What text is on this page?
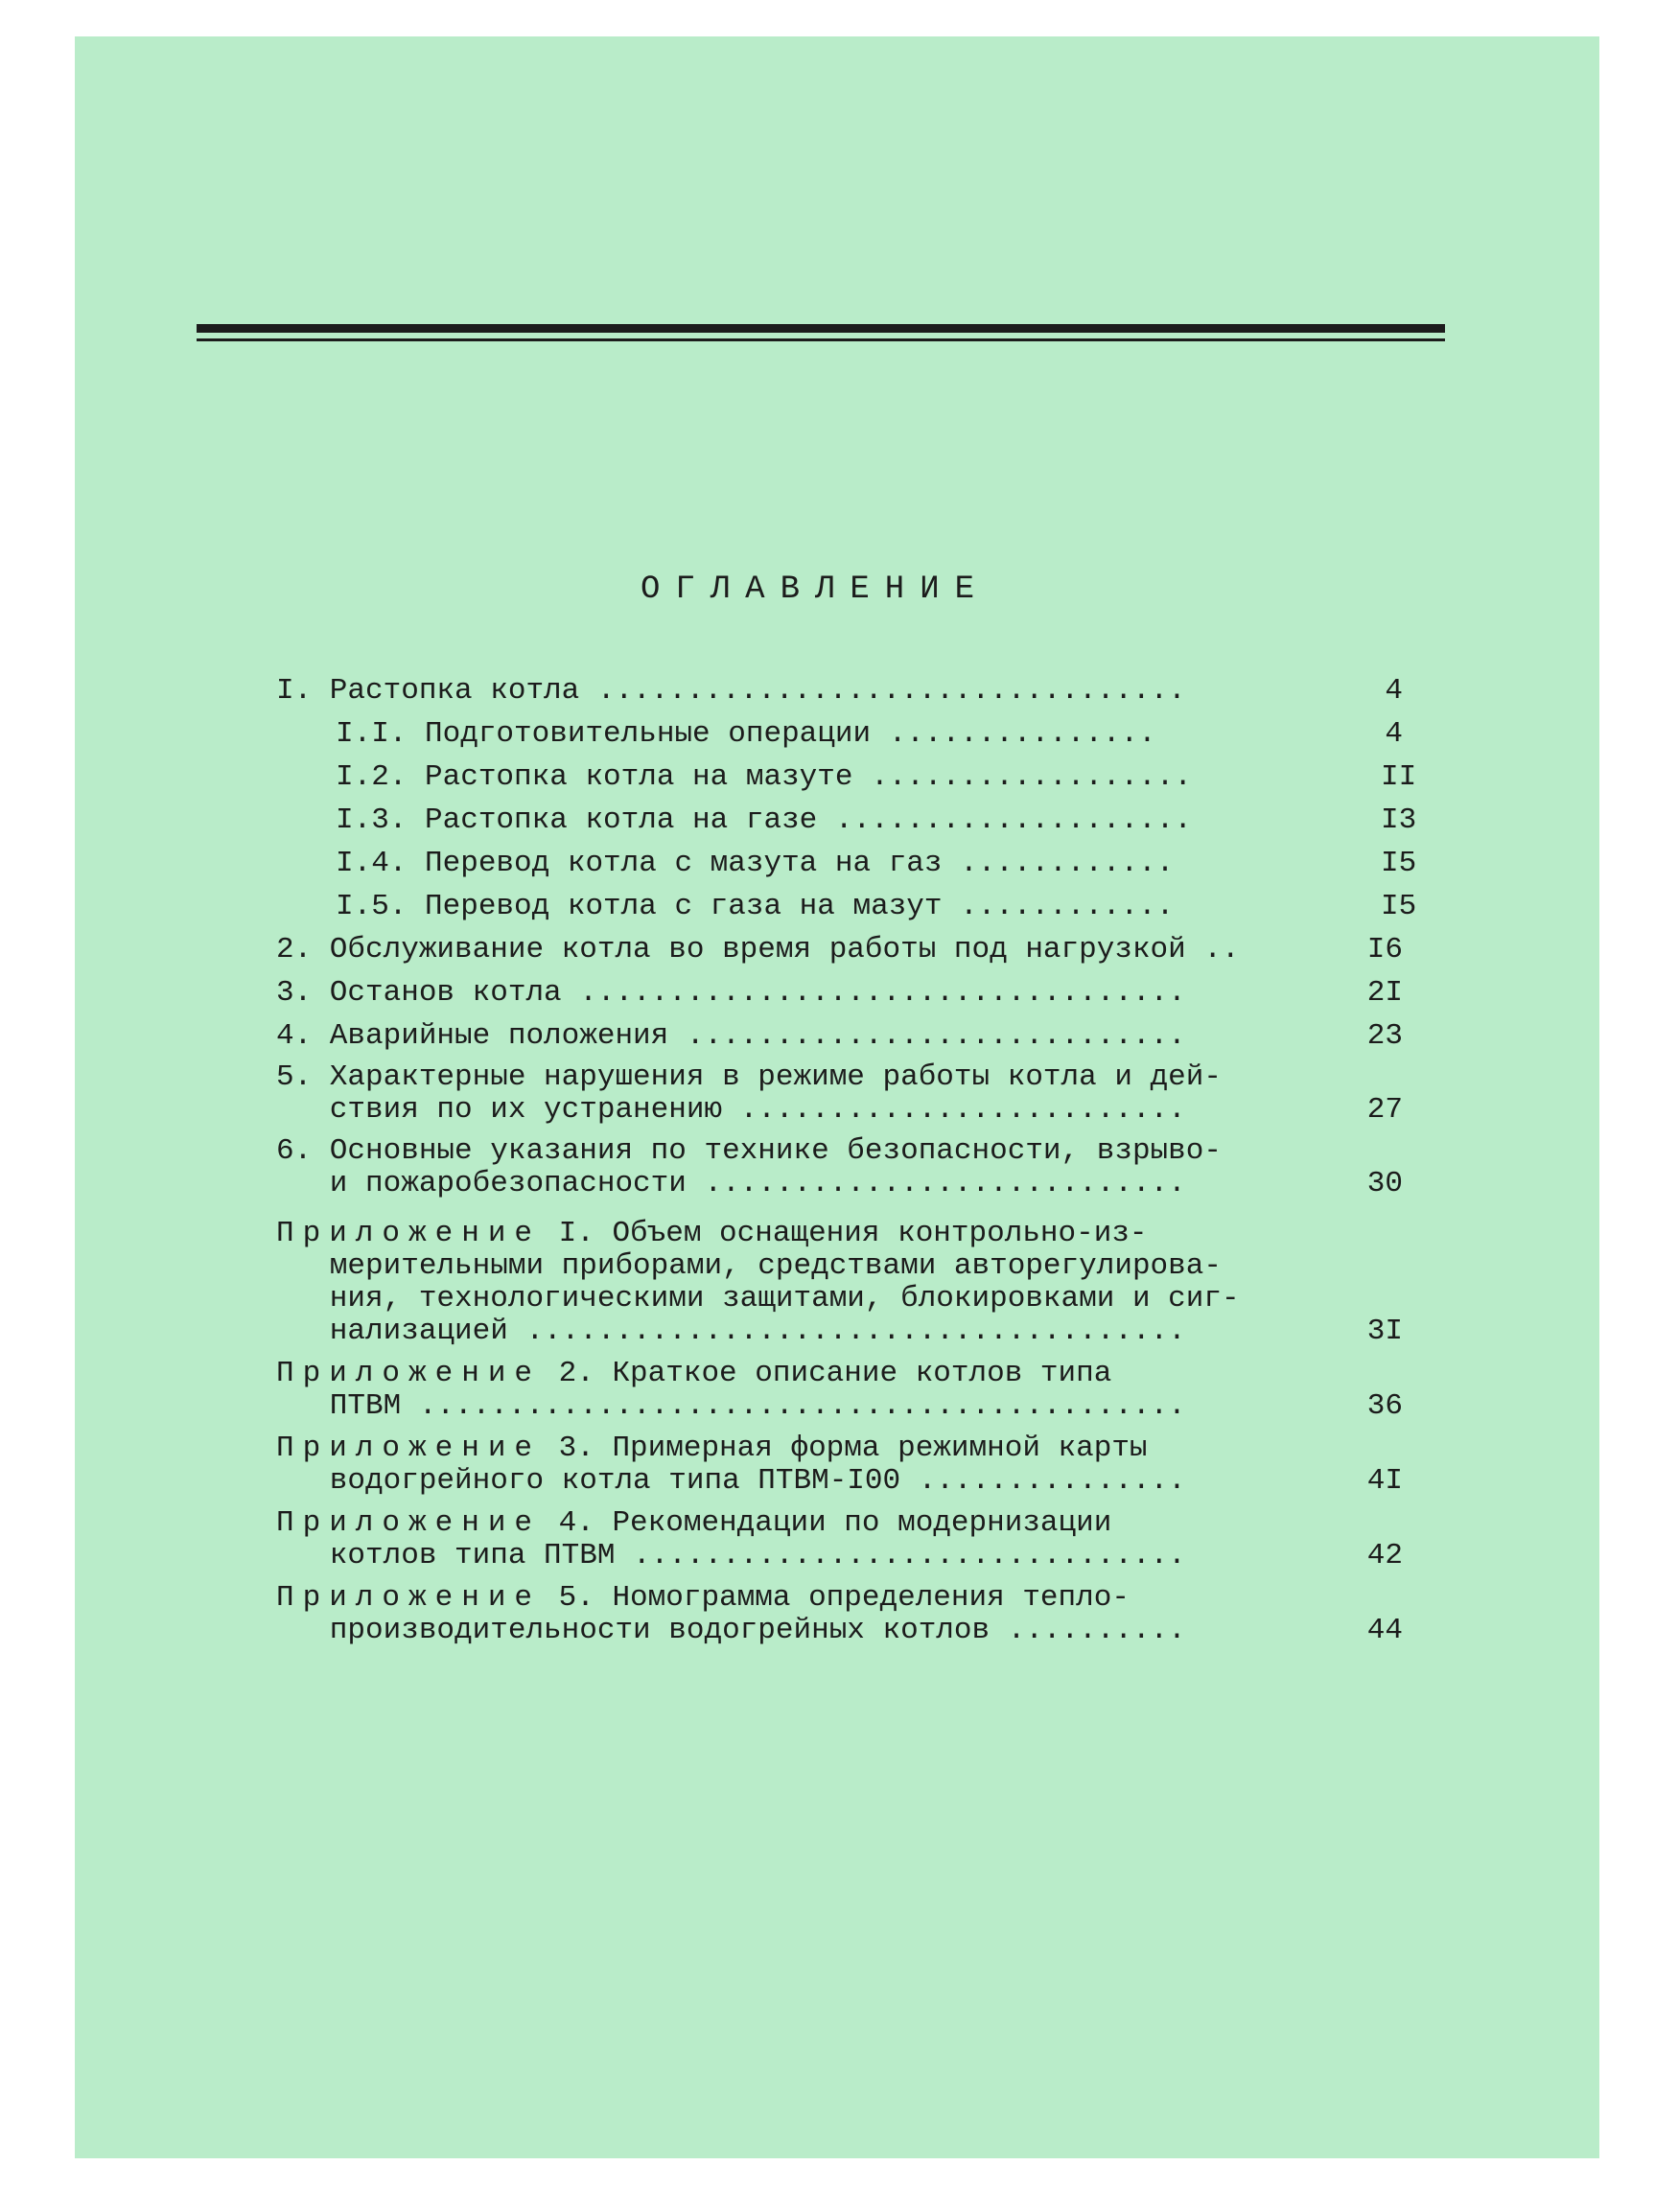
ОГЛАВЛЕНИЕ
I. Растопка котла .................................	4
I.I. Подготовительные операции ...............	4
I.2. Растопка котла на мазуте ..................	II
I.3. Растопка котла на газе ....................	I3
I.4. Перевод котла с мазута на газ ............	I5
I.5. Перевод котла с газа на мазут ............	I5
2. Обслуживание котла во время работы под нагрузкой ..	I6
3. Останов котла ..................................	2I
4. Аварийные положения ............................	23
5. Характерные нарушения в режиме работы котла и дей-
ствия по их устранению .........................	27
6. Основные указания по технике безопасности, взрыво-
и пожаробезопасности ...........................	30
Приложение I. Объем оснащения контрольно-из-
мерительными приборами, средствами авторегулирова-
ния, технологическими защитами, блокировками и сиг-
нализацией .....................................	3I
Приложение 2. Краткое описание котлов типа
ПТВМ ...........................................	36
Приложение 3. Примерная форма режимной карты
водогрейного котла типа ПТВМ-I00 ...............	4I
Приложение 4. Рекомендации по модернизации
котлов типа ПТВМ ...............................	42
Приложение 5. Номограмма определения тепло-
производительности водогрейных котлов ..........	44
